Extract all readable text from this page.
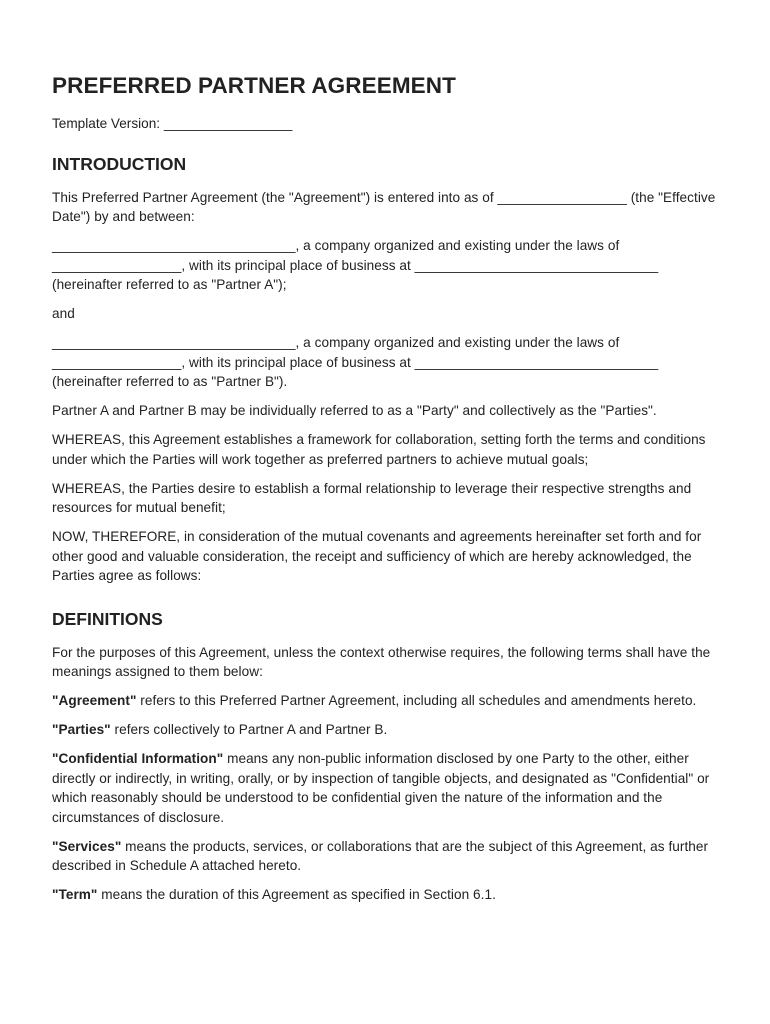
PREFERRED PARTNER AGREEMENT
Template Version: _________________
INTRODUCTION

This Preferred Partner Agreement (the "Agreement") is entered into as of _________________ (the "Effective Date") by and between:

________________________________, a company organized and existing under the laws of _________________, with its principal place of business at ________________________________ (hereinafter referred to as "Partner A");

and

________________________________, a company organized and existing under the laws of _________________, with its principal place of business at ________________________________ (hereinafter referred to as "Partner B").

Partner A and Partner B may be individually referred to as a "Party" and collectively as the "Parties".

WHEREAS, this Agreement establishes a framework for collaboration, setting forth the terms and conditions under which the Parties will work together as preferred partners to achieve mutual goals;

WHEREAS, the Parties desire to establish a formal relationship to leverage their respective strengths and resources for mutual benefit;

NOW, THEREFORE, in consideration of the mutual covenants and agreements hereinafter set forth and for other good and valuable consideration, the receipt and sufficiency of which are hereby acknowledged, the Parties agree as follows:

DEFINITIONS

For the purposes of this Agreement, unless the context otherwise requires, the following terms shall have the meanings assigned to them below:

"Agreement" refers to this Preferred Partner Agreement, including all schedules and amendments hereto.

"Parties" refers collectively to Partner A and Partner B.

"Confidential Information" means any non-public information disclosed by one Party to the other, either directly or indirectly, in writing, orally, or by inspection of tangible objects, and designated as "Confidential" or which reasonably should be understood to be confidential given the nature of the information and the circumstances of disclosure.

"Services" means the products, services, or collaborations that are the subject of this Agreement, as further described in Schedule A attached hereto.

"Term" means the duration of this Agreement as specified in Section 6.1.
